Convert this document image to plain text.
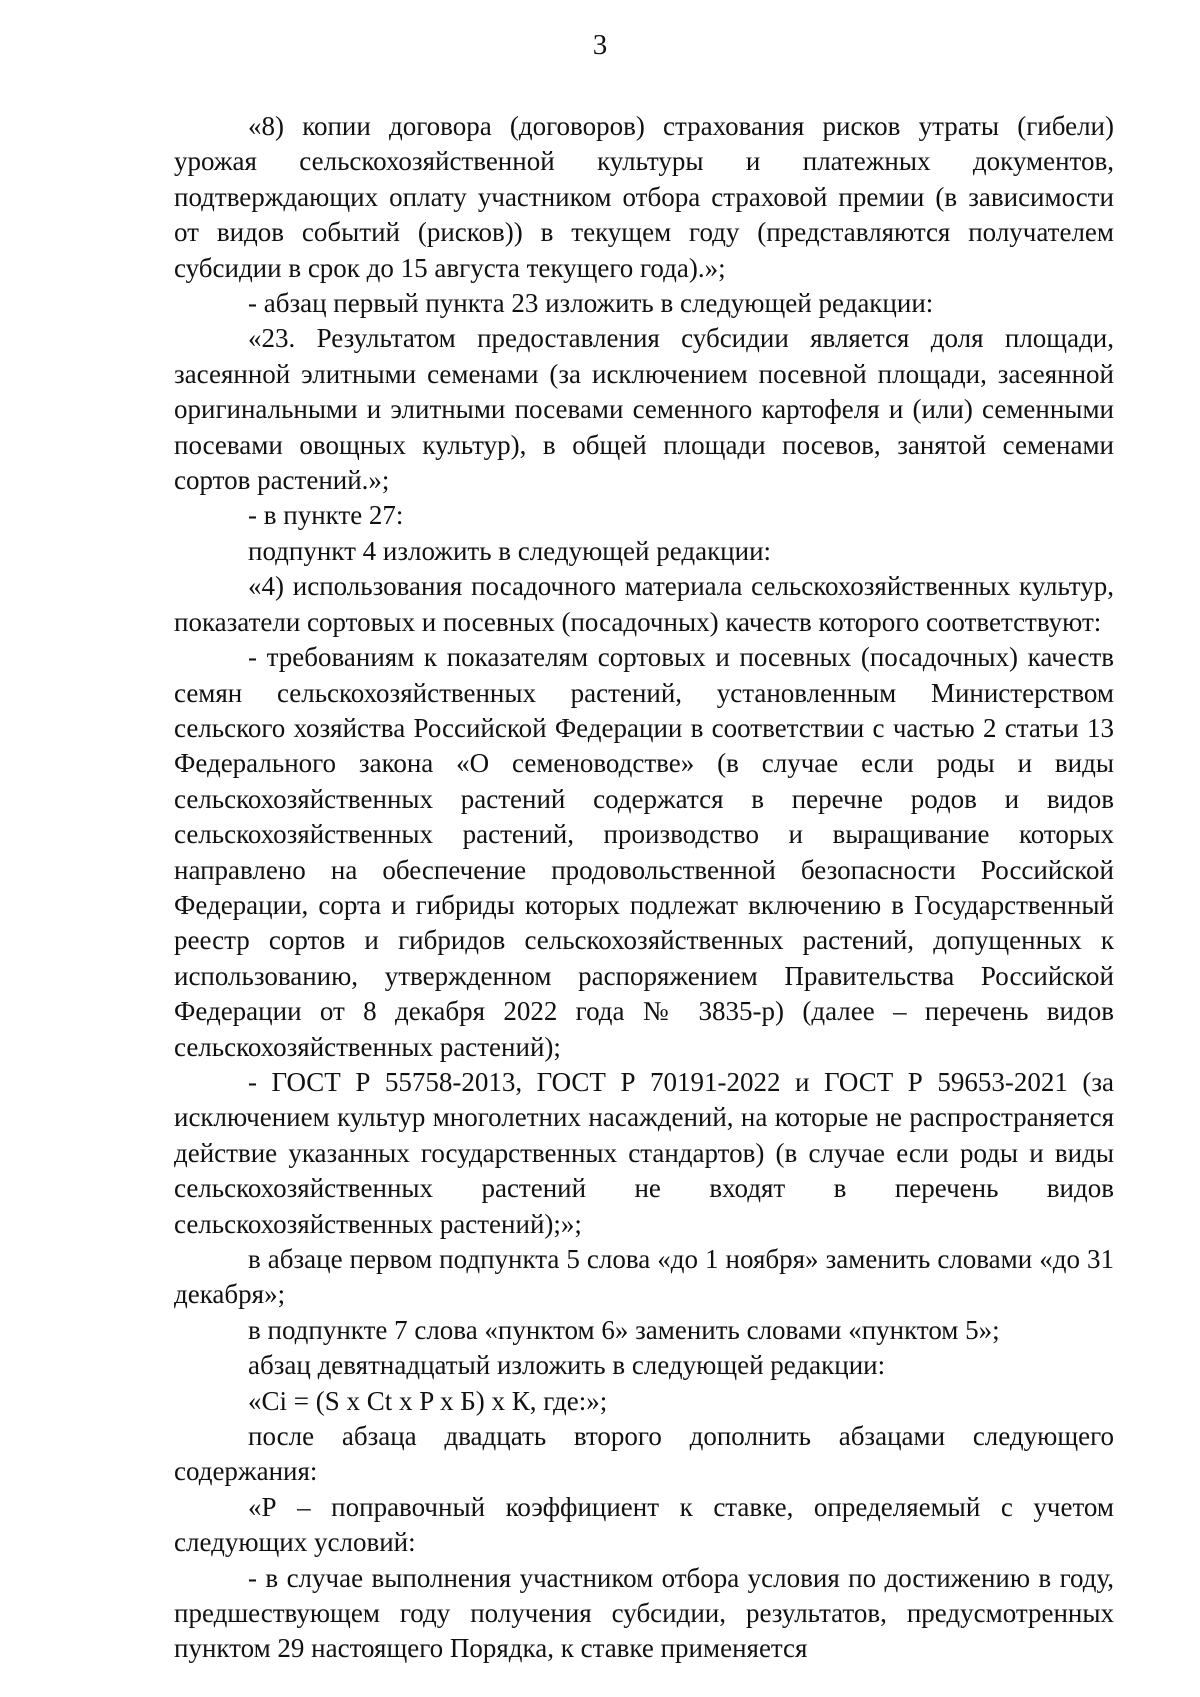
3

«8) копии договора (договоров) страхования рисков утраты (гибели) урожая сельскохозяйственной культуры и платежных документов, подтверждающих оплату участником отбора страховой премии (в зависимости от видов событий (рисков)) в текущем году (представляются получателем субсидии в срок до 15 августа текущего года).»;

- абзац первый пункта 23 изложить в следующей редакции:

«23. Результатом предоставления субсидии является доля площади, засеянной элитными семенами (за исключением посевной площади, засеянной оригинальными и элитными посевами семенного картофеля и (или) семенными посевами овощных культур), в общей площади посевов, занятой семенами сортов растений.»;

- в пункте 27:

подпункт 4 изложить в следующей редакции:

«4) использования посадочного материала сельскохозяйственных культур, показатели сортовых и посевных (посадочных) качеств которого соответствуют:

- требованиям к показателям сортовых и посевных (посадочных) качеств семян сельскохозяйственных растений, установленным Министерством сельского хозяйства Российской Федерации в соответствии с частью 2 статьи 13 Федерального закона «О семеноводстве» (в случае если роды и виды сельскохозяйственных растений содержатся в перечне родов и видов сельскохозяйственных растений, производство и выращивание которых направлено на обеспечение продовольственной безопасности Российской Федерации, сорта и гибриды которых подлежат включению в Государственный реестр сортов и гибридов сельскохозяйственных растений, допущенных к использованию, утвержденном распоряжением Правительства Российской Федерации от 8 декабря 2022 года № 3835-р) (далее – перечень видов сельскохозяйственных растений);

- ГОСТ Р 55758-2013, ГОСТ Р 70191-2022 и ГОСТ Р 59653-2021 (за исключением культур многолетних насаждений, на которые не распространяется действие указанных государственных стандартов) (в случае если роды и виды сельскохозяйственных растений не входят в перечень видов сельскохозяйственных растений);»;

в абзаце первом подпункта 5 слова «до 1 ноября» заменить словами «до 31 декабря»;

в подпункте 7 слова «пунктом 6» заменить словами «пунктом 5»;

абзац девятнадцатый изложить в следующей редакции:

«Ci = (S x Ct x P x Б) x К, где:»;

после абзаца двадцать второго дополнить абзацами следующего содержания:

«Р – поправочный коэффициент к ставке, определяемый с учетом следующих условий:

- в случае выполнения участником отбора условия по достижению в году, предшествующем году получения субсидии, результатов, предусмотренных пунктом 29 настоящего Порядка, к ставке применяется
